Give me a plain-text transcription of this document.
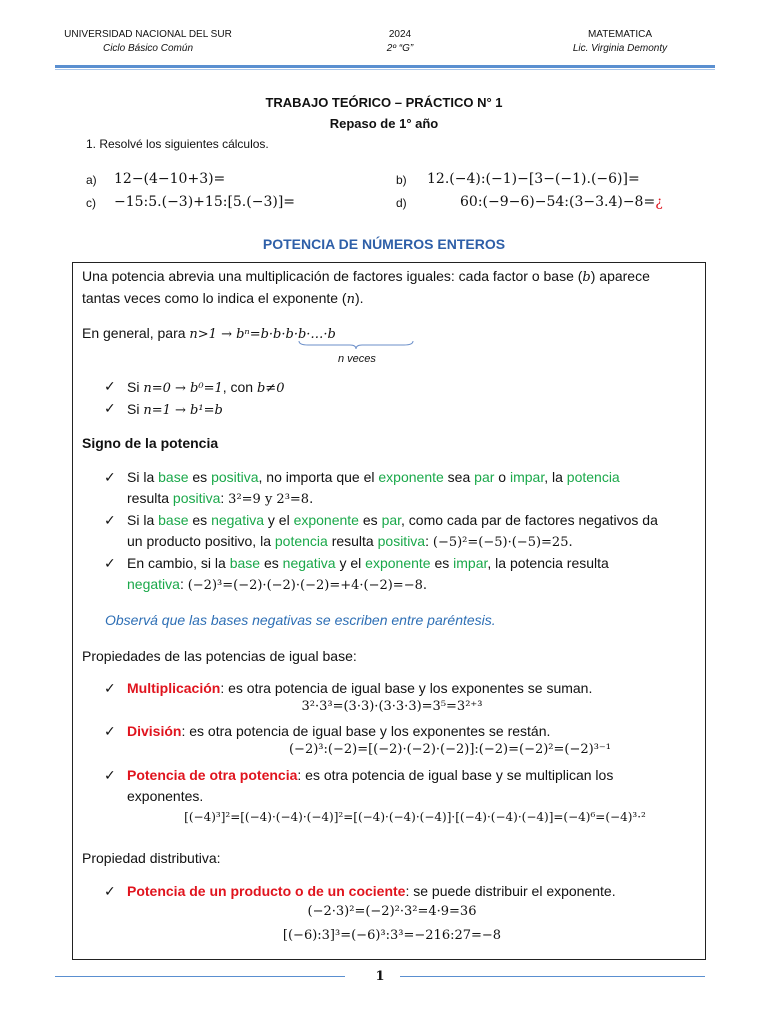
UNIVERSIDAD NACIONAL DEL SUR
Ciclo Básico Común
2024
2º “G”
MATEMATICA
Lic. Virginia Demonty
TRABAJO TEÓRICO – PRÁCTICO N° 1
Repaso de 1° año
1. Resolvé los siguientes cálculos.
a) 12−(4−10+3)=	b) 12.(−4):(−1)−[3−(−1).(−6)]=
c) −15:5.(−3)+15:[5.(−3)]=	d)	60:(−9−6)−54:(3−3.4)−8=¿
POTENCIA DE NÚMEROS ENTEROS
Una potencia abrevia una multiplicación de factores iguales: cada factor o base (b) aparece
tantas veces como lo indica el exponente (n).
En general, para n>1 → bⁿ=b·b·b·b·…·b
n veces
✓ Si n=0 → b⁰=1, con b≠0
✓ Si n=1 → b¹=b
Signo de la potencia
✓ Si la base es positiva, no importa que el exponente sea par o impar, la potencia
resulta positiva: 3²=9 y 2³=8.
✓ Si la base es negativa y el exponente es par, como cada par de factores negativos da
un producto positivo, la potencia resulta positiva: (−5)²=(−5)·(−5)=25.
✓ En cambio, si la base es negativa y el exponente es impar, la potencia resulta
negativa: (−2)³=(−2)·(−2)·(−2)=+4·(−2)=−8.
Observá que las bases negativas se escriben entre paréntesis.
Propiedades de las potencias de igual base:
✓ Multiplicación: es otra potencia de igual base y los exponentes se suman.
3²·3³=(3·3)·(3·3·3)=3⁵=3²⁺³
✓ División: es otra potencia de igual base y los exponentes se restán.
(−2)³:(−2)=[(−2)·(−2)·(−2)]:(−2)=(−2)²=(−2)³⁻¹
✓ Potencia de otra potencia: es otra potencia de igual base y se multiplican los
exponentes.
[(−4)³]²=[(−4)·(−4)·(−4)]²=[(−4)·(−4)·(−4)]·[(−4)·(−4)·(−4)]=(−4)⁶=(−4)³·²
Propiedad distributiva:
✓ Potencia de un producto o de un cociente: se puede distribuir el exponente.
(−2·3)²=(−2)²·3²=4·9=36
[(−6):3]³=(−6)³:3³=−216:27=−8
1
